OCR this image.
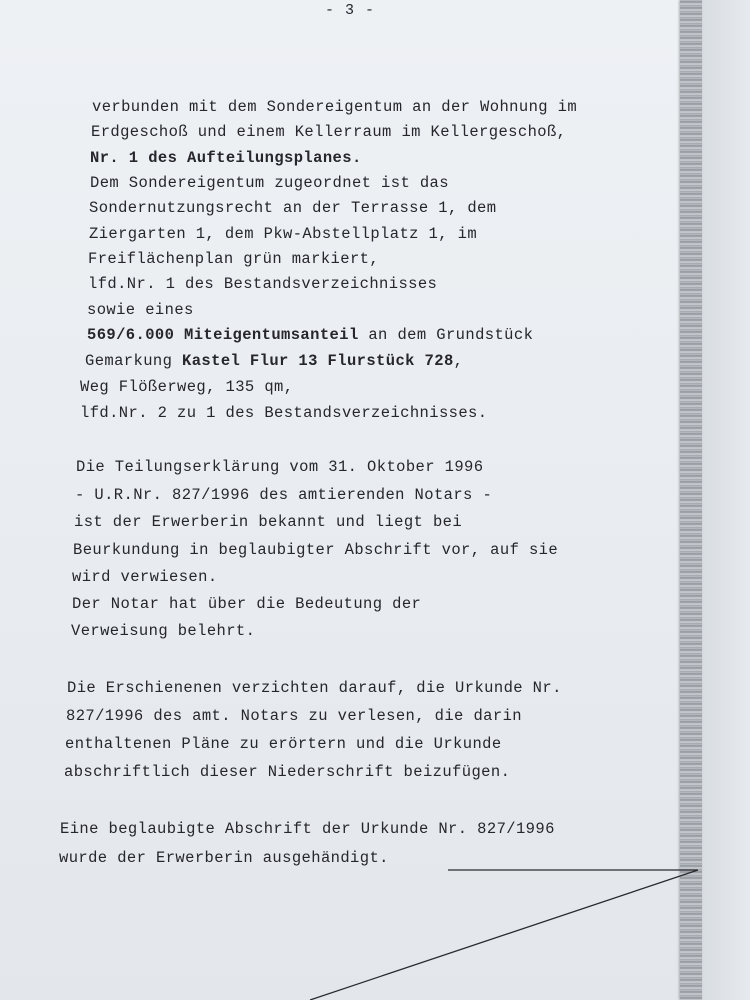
- 3 -
verbunden mit dem Sondereigentum an der Wohnung im
Erdgeschoß und einem Kellerraum im Kellergeschoß,
Nr. 1 des Aufteilungsplanes.
Dem Sondereigentum zugeordnet ist das
Sondernutzungsrecht an der Terrasse 1, dem
Ziergarten 1, dem Pkw-Abstellplatz 1, im
Freiflächenplan grün markiert,
lfd.Nr. 1 des Bestandsverzeichnisses
sowie eines
569/6.000 Miteigentumsanteil an dem Grundstück
Gemarkung Kastel Flur 13 Flurstück 728,
Weg Flößerweg, 135 qm,
lfd.Nr. 2 zu 1 des Bestandsverzeichnisses.
Die Teilungserklärung vom 31. Oktober 1996
- U.R.Nr. 827/1996 des amtierenden Notars -
ist der Erwerberin bekannt und liegt bei
Beurkundung in beglaubigter Abschrift vor, auf sie
wird verwiesen.
Der Notar hat über die Bedeutung der
Verweisung belehrt.
Die Erschienenen verzichten darauf, die Urkunde Nr.
827/1996 des amt. Notars zu verlesen, die darin
enthaltenen Pläne zu erörtern und die Urkunde
abschriftlich dieser Niederschrift beizufügen.
Eine beglaubigte Abschrift der Urkunde Nr. 827/1996
wurde der Erwerberin ausgehändigt.
